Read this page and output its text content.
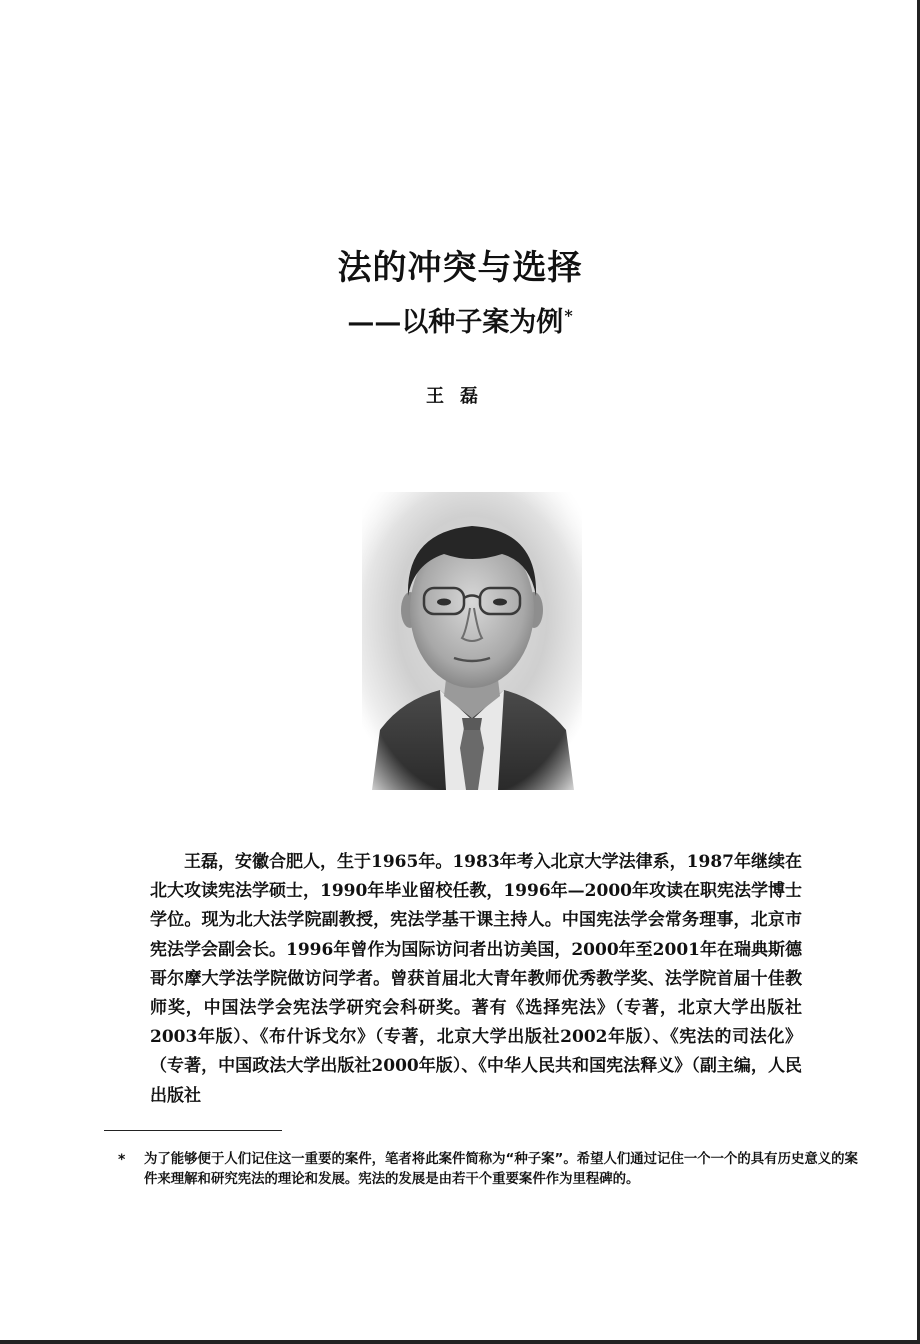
法的冲突与选择
——以种子案为例*
王磊

王磊，安徽合肥人，生于1965年。1983年考入北京大学法律系，1987年继续在北大攻读宪法学硕士，1990年毕业留校任教，1996年—2000年攻读在职宪法学博士学位。现为北大法学院副教授，宪法学基干课主持人。中国宪法学会常务理事，北京市宪法学会副会长。1996年曾作为国际访问者出访美国，2000年至2001年在瑞典斯德哥尔摩大学法学院做访问学者。曾获首届北大青年教师优秀教学奖、法学院首届十佳教师奖，中国法学会宪法学研究会科研奖。著有《选择宪法》（专著，北京大学出版社2003年版）、《布什诉戈尔》（专著，北京大学出版社2002年版）、《宪法的司法化》（专著，中国政法大学出版社2000年版）、《中华人民共和国宪法释义》（副主编，人民出版社

* 为了能够便于人们记住这一重要的案件，笔者将此案件简称为“种子案”。希望人们通过记住一个一个的具有历史意义的案件来理解和研究宪法的理论和发展。宪法的发展是由若干个重要案件作为里程碑的。
